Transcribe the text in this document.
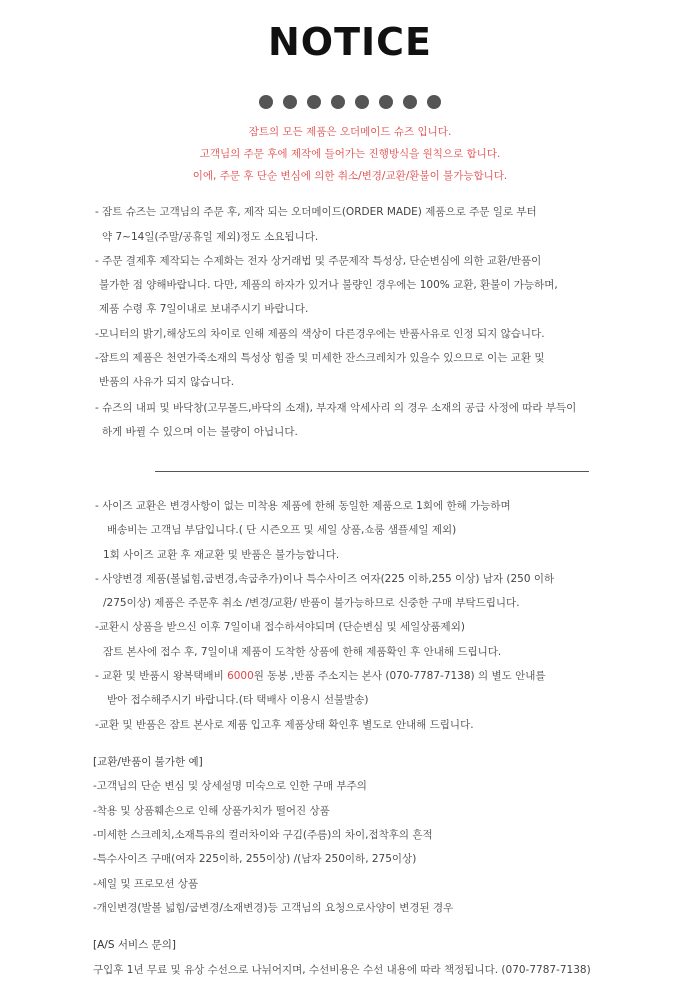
NOTICE
잠트의 모든 제품은 오더메이드 슈즈 입니다.
고객님의 주문 후에 제작에 들어가는 진행방식을 원칙으로 합니다.
이에, 주문 후 단순 변심에 의한 취소/변경/교환/환불이 불가능합니다.
- 잠트 슈즈는 고객님의 주문 후, 제작 되는 오더메이드(ORDER MADE) 제품으로 주문 일로 부터
약 7~14일(주말/공휴일 제외)정도 소요됩니다.
- 주문 결제후 제작되는 수제화는 전자 상거래법 및 주문제작 특성상, 단순변심에 의한 교환/반품이
불가한 점 양해바랍니다. 다만, 제품의 하자가 있거나 불량인 경우에는 100% 교환, 환불이 가능하며,
제품 수령 후 7일이내로 보내주시기 바랍니다.
-모니터의 밝기,해상도의 차이로 인해 제품의 색상이 다른경우에는 반품사유로 인정 되지 않습니다.
-잠트의 제품은 천연가죽소재의 특성상 힘줄 및 미세한 잔스크레치가 있을수 있으므로 이는 교환 및
반품의 사유가 되지 않습니다.
- 슈즈의 내피 및 바닥창(고무몰드,바닥의 소재), 부자재 악세사리 의 경우 소재의 공급 사정에 따라 부득이
하게 바뀔 수 있으며 이는 불량이 아닙니다.
- 사이즈 교환은 변경사항이 없는 미착용 제품에 한해 동일한 제품으로 1회에 한해 가능하며
배송비는 고객님 부담입니다.( 단 시즌오프 및 세일 상품,쇼룸 샘플세일 제외)
1회 사이즈 교환 후 재교환 및 반품은 불가능합니다.
- 사양변경 제품(볼넓힘,굽변경,속굽추가)이나 특수사이즈 여자(225 이하,255 이상) 남자 (250 이하
/275이상) 제품은 주문후 취소 /변경/교환/ 반품이 불가능하므로 신중한 구매 부탁드립니다.
-교환시 상품을 받으신 이후 7일이내 접수하셔야되며 (단순변심 및 세일상품제외)
잠트 본사에 접수 후, 7일이내 제품이 도착한 상품에 한해 제품확인 후 안내해 드립니다.
- 교환 및 반품시 왕복택배비 6000원 동봉 ,반품 주소지는 본사 (070-7787-7138) 의 별도 안내를
받아 접수해주시기 바랍니다.(타 택배사 이용시 선불발송)
-교환 및 반품은 잠트 본사로 제품 입고후 제품상태 확인후 별도로 안내해 드립니다.
[교환/반품이 불가한 예]
-고객님의 단순 변심 및 상세설명 미숙으로 인한 구매 부주의
-착용 및 상품훼손으로 인해 상품가치가 떨어진 상품
-미세한 스크레치,소재특유의 컬러차이와 구김(주름)의 차이,접착후의 흔적
-특수사이즈 구매(여자 225이하, 255이상) /(남자 250이하, 275이상)
-세일 및 프로모션 상품
-개인변경(발볼 넓힘/굽변경/소재변경)등 고객님의 요청으로사양이 변경된 경우
[A/S 서비스 문의]
구입후 1년 무료 및 유상 수선으로 나뉘어지며, 수선비용은 수선 내용에 따라 책정됩니다. (070-7787-7138)
